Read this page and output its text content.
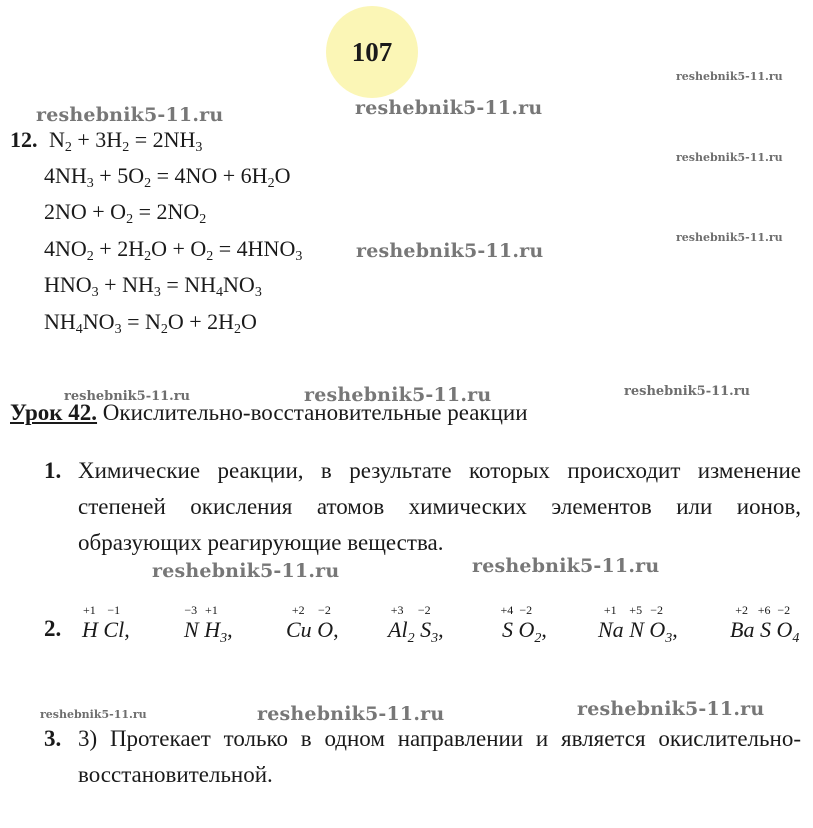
107
reshebnik5-11.ru
reshebnik5-11.ru	reshebnik5-11.ru
reshebnik5-11.ru
reshebnik5-11.ru
reshebnik5-11.ru
reshebnik5-11.ru	reshebnik5-11.ru	reshebnik5-11.ru
reshebnik5-11.ru	reshebnik5-11.ru
reshebnik5-11.ru	reshebnik5-11.ru	reshebnik5-11.ru
12. $N_2 + 3H_2 = 2NH_3$
$4NH_3 + 5O_2 = 4NO + 6H_2O$
$2NO + O_2 = 2NO_2$
$4NO_2 + 2H_2O + O_2 = 4HNO_3$
$HNO_3 + NH_3 = NH_4NO_3$
$NH_4NO_3 = N_2O + 2H_2O$
Урок 42. Окислительно-восстановительные реакции
1. Химические реакции, в результате которых происходит изменение степеней окисления атомов химических элементов или ионов, образующих реагирующие вещества.
2. H Cl, N $H_3$, Cu O, $Al_2$ $S_3$,	S $O_2$, Na N $O_3$, Ba S $O_4$
3. 3) Протекает только в одном направлении и является окислительно-восстановительной.
+1 −1	−3 +1	+2 −2	+3 −2	+4 −2	+1 +5 −2	+2 +6 −2
